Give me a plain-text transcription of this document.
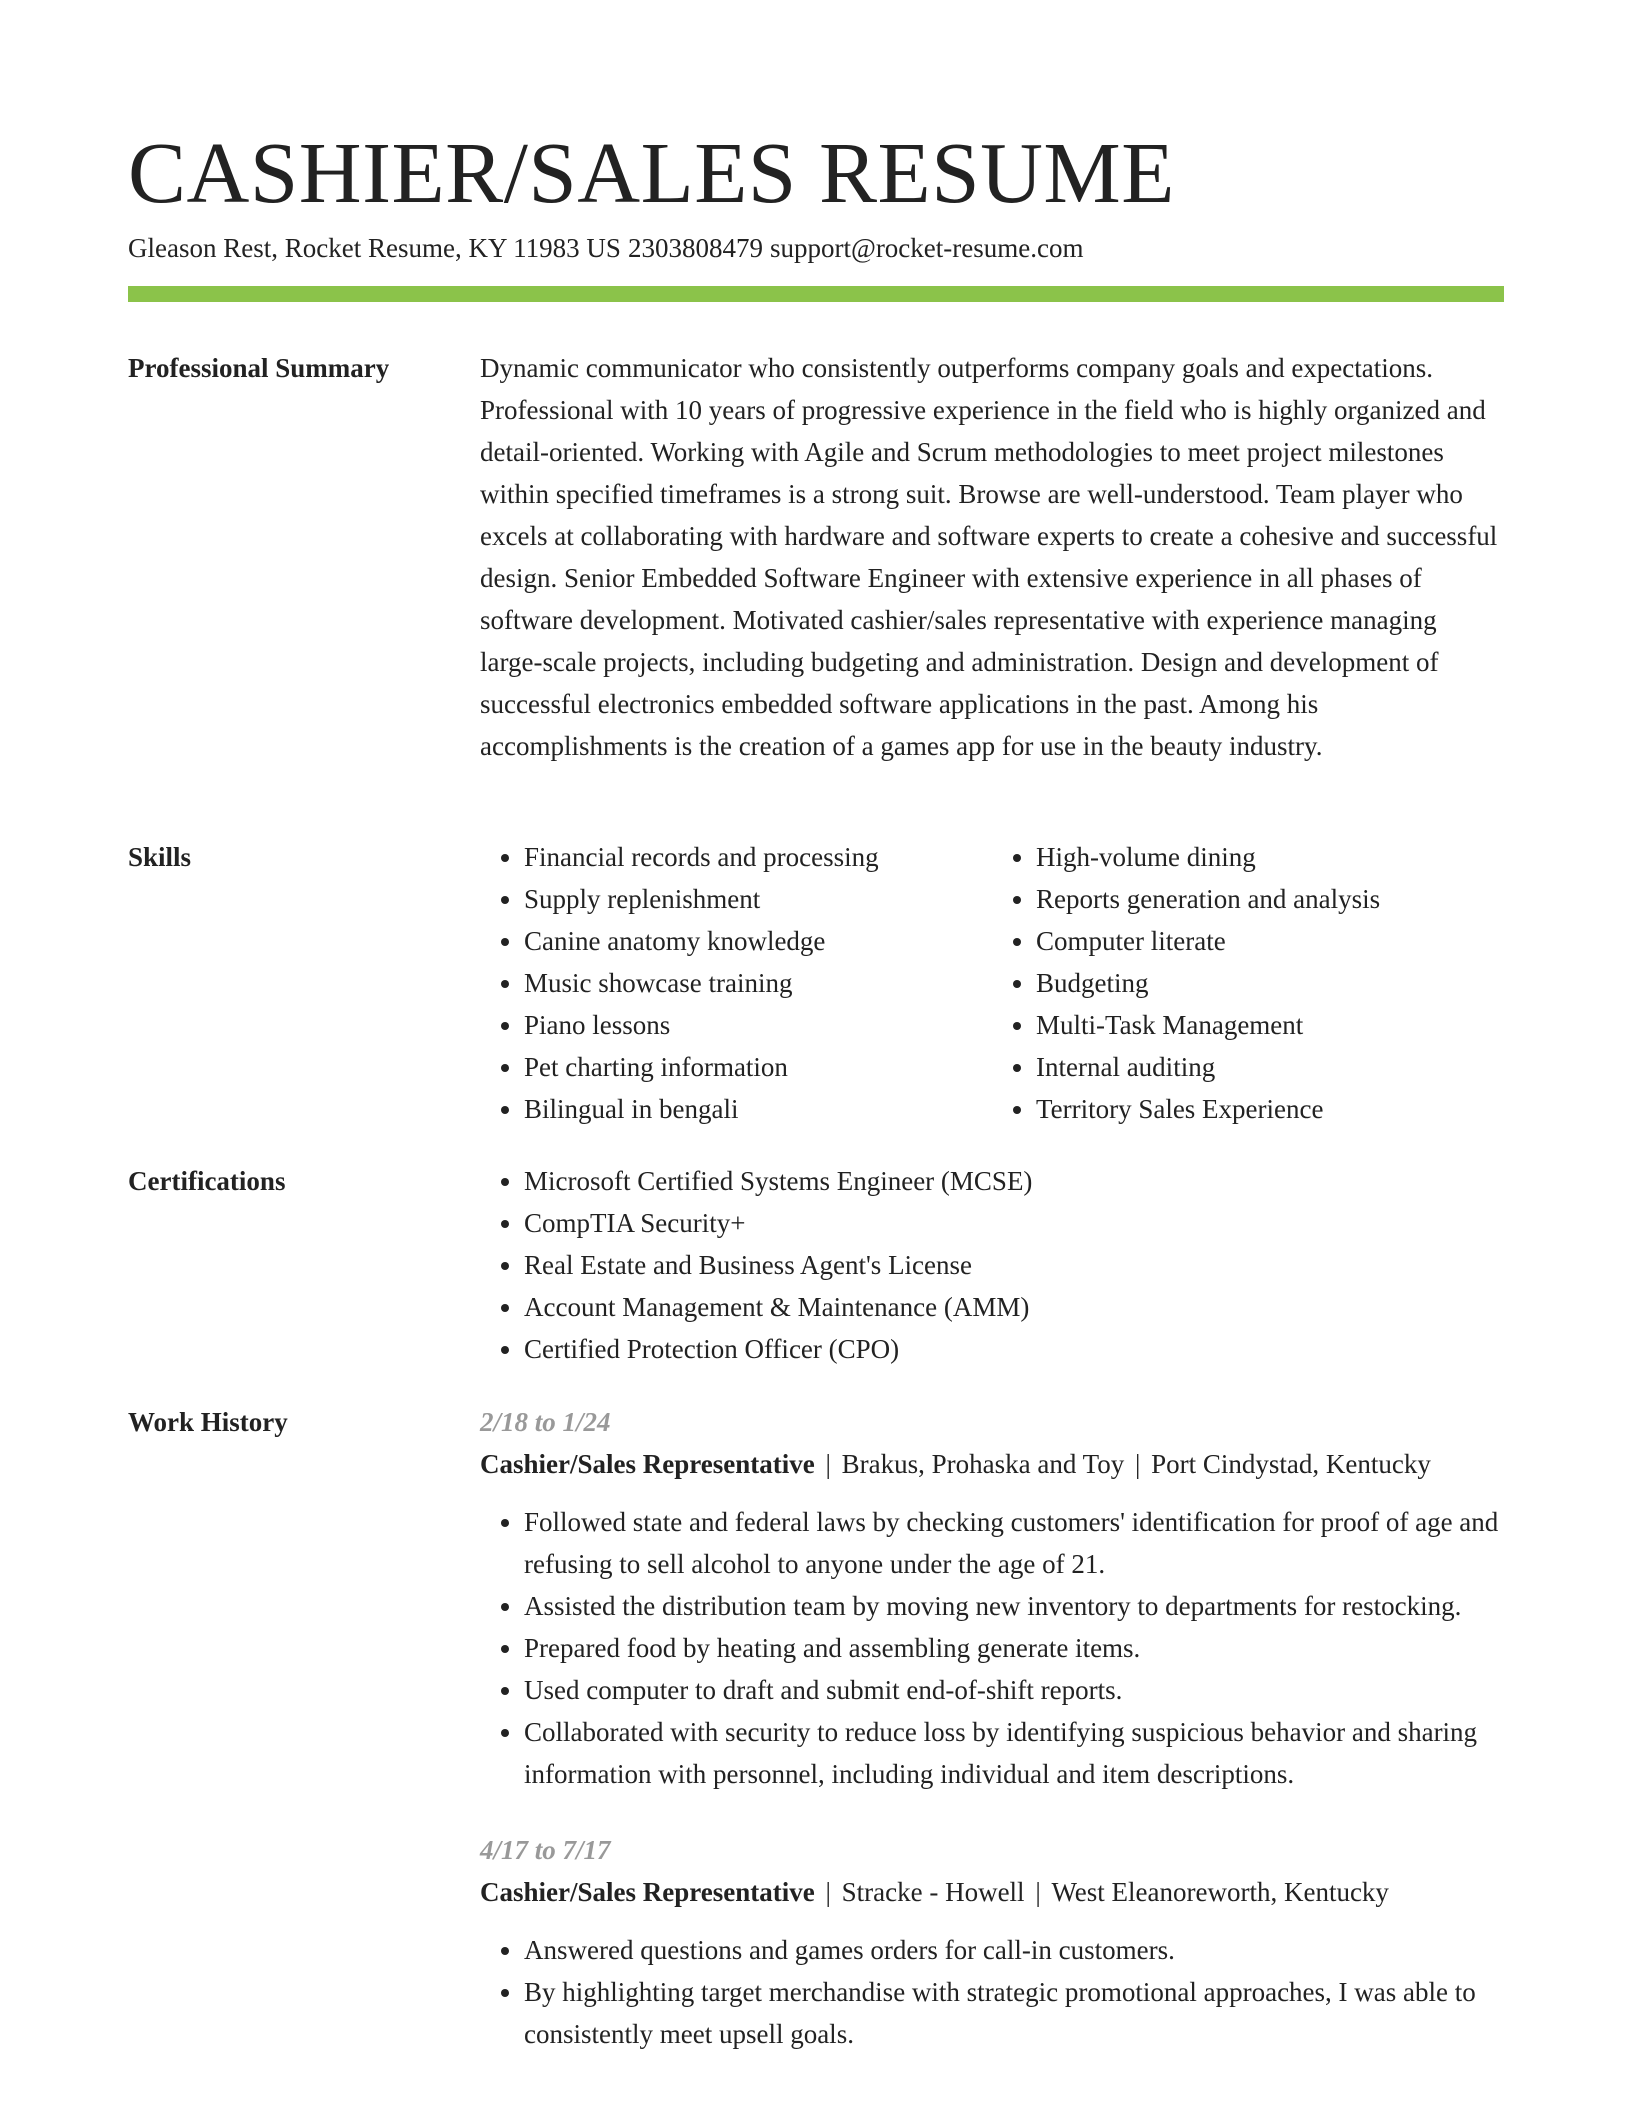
CASHIER/SALES RESUME
Gleason Rest, Rocket Resume, KY 11983 US 2303808479 support@rocket-resume.com
Professional Summary	Dynamic communicator who consistently outperforms company goals and expectations. Professional with 10 years of progressive experience in the field who is highly organized and detail-oriented. Working with Agile and Scrum methodologies to meet project milestones within specified timeframes is a strong suit. Browse are well-understood. Team player who excels at collaborating with hardware and software experts to create a cohesive and successful design. Senior Embedded Software Engineer with extensive experience in all phases of software development. Motivated cashier/sales representative with experience managing large-scale projects, including budgeting and administration. Design and development of successful electronics embedded software applications in the past. Among his accomplishments is the creation of a games app for use in the beauty industry.

Skills	• Financial records and processing
• Supply replenishment
• Canine anatomy knowledge
• Music showcase training
• Piano lessons
• Pet charting information
• Bilingual in bengali
• High-volume dining
• Reports generation and analysis
• Computer literate
• Budgeting
• Multi-Task Management
• Internal auditing
• Territory Sales Experience
Certifications	• Microsoft Certified Systems Engineer (MCSE)
• CompTIA Security+
• Real Estate and Business Agent's License
• Account Management & Maintenance (AMM)
• Certified Protection Officer (CPO)
Work History	2/18 to 1/24
Cashier/Sales Representative | Brakus, Prohaska and Toy | Port Cindystad, Kentucky
• Followed state and federal laws by checking customers' identification for proof of age and refusing to sell alcohol to anyone under the age of 21.
• Assisted the distribution team by moving new inventory to departments for restocking.
• Prepared food by heating and assembling generate items.
• Used computer to draft and submit end-of-shift reports.
• Collaborated with security to reduce loss by identifying suspicious behavior and sharing information with personnel, including individual and item descriptions.
4/17 to 7/17
Cashier/Sales Representative | Stracke - Howell | West Eleanoreworth, Kentucky
• Answered questions and games orders for call-in customers.
• By highlighting target merchandise with strategic promotional approaches, I was able to consistently meet upsell goals.
